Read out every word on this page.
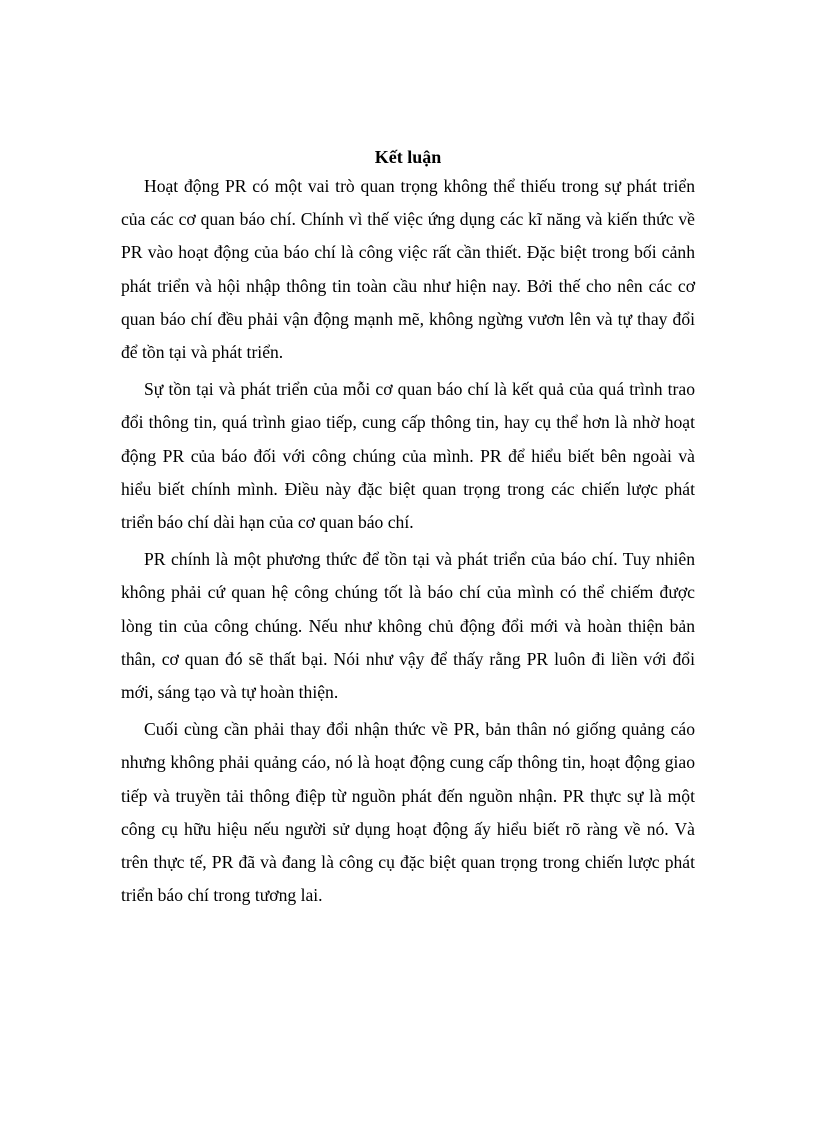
Kết luận

Hoạt động PR có một vai trò quan trọng không thể thiếu trong sự phát triển của các cơ quan báo chí. Chính vì thế việc ứng dụng các kĩ năng và kiến thức về PR vào hoạt động của báo chí là công việc rất cần thiết. Đặc biệt trong bối cảnh phát triển và hội nhập thông tin toàn cầu như hiện nay. Bởi thế cho nên các cơ quan báo chí đều phải vận động mạnh mẽ, không ngừng vươn lên và tự thay đổi để tồn tại và phát triển.

Sự tồn tại và phát triển của mỗi cơ quan báo chí là kết quả của quá trình trao đổi thông tin, quá trình giao tiếp, cung cấp thông tin, hay cụ thể hơn là nhờ hoạt động PR của báo đối với công chúng của mình. PR để hiểu biết bên ngoài và hiểu biết chính mình. Điều này đặc biệt quan trọng trong các chiến lược phát triển báo chí dài hạn của cơ quan báo chí.

PR chính là một phương thức để tồn tại và phát triển của báo chí. Tuy nhiên không phải cứ quan hệ công chúng tốt là báo chí của mình có thể chiếm được lòng tin của công chúng. Nếu như không chủ động đổi mới và hoàn thiện bản thân, cơ quan đó sẽ thất bại. Nói như vậy để thấy rằng PR luôn đi liền với đổi mới, sáng tạo và tự hoàn thiện.

Cuối cùng cần phải thay đổi nhận thức về PR, bản thân nó giống quảng cáo nhưng không phải quảng cáo, nó là hoạt động cung cấp thông tin, hoạt động giao tiếp và truyền tải thông điệp từ nguồn phát đến nguồn nhận. PR thực sự là một công cụ hữu hiệu nếu người sử dụng hoạt động ấy hiểu biết rõ ràng về nó. Và trên thực tế, PR đã và đang là công cụ đặc biệt quan trọng trong chiến lược phát triển báo chí trong tương lai.
